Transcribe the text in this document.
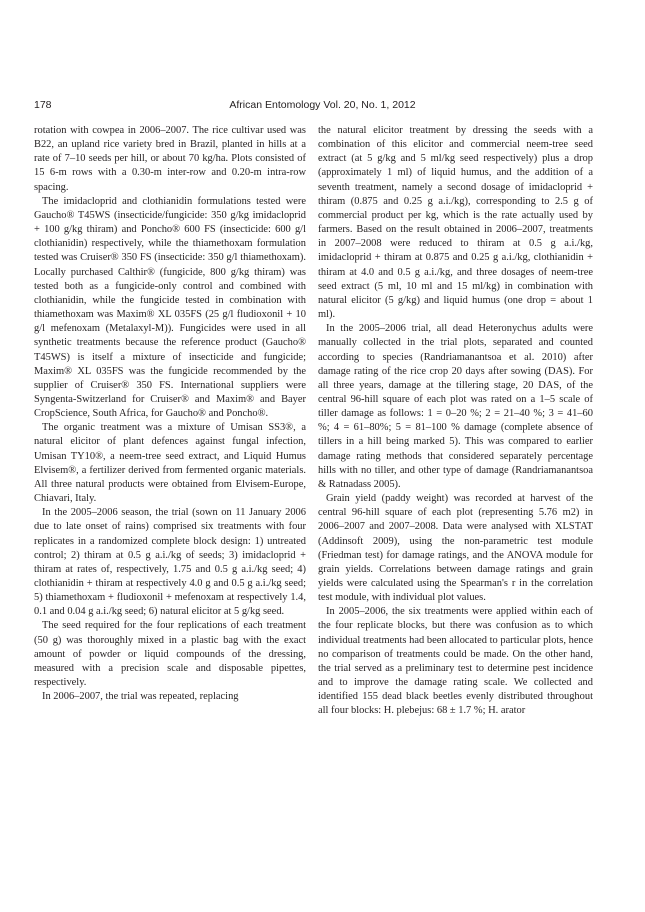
178	African Entomology Vol. 20, No. 1, 2012

rotation with cowpea in 2006–2007. The rice cultivar used was B22, an upland rice variety bred in Brazil, planted in hills at a rate of 7–10 seeds per hill, or about 70 kg/ha. Plots consisted of 15 6-m rows with a 0.30-m inter-row and 0.20-m intra-row spacing.

The imidacloprid and clothianidin formulations tested were Gaucho® T45WS (insecticide/fungicide: 350 g/kg imidacloprid + 100 g/kg thiram) and Poncho® 600 FS (insecticide: 600 g/l clothianidin) respectively, while the thiamethoxam formulation tested was Cruiser® 350 FS (insecticide: 350 g/l thiamethoxam). Locally purchased Calthir® (fungicide, 800 g/kg thiram) was tested both as a fungicide-only control and combined with clothianidin, while the fungicide tested in combination with thiamethoxam was Maxim® XL 035FS (25 g/l fludioxonil + 10 g/l mefenoxam (Metalaxyl-M)). Fungicides were used in all synthetic treatments because the reference product (Gaucho® T45WS) is itself a mixture of insecticide and fungicide; Maxim® XL 035FS was the fungicide recommended by the supplier of Cruiser® 350 FS. International suppliers were Syngenta-Switzerland for Cruiser® and Maxim® and Bayer CropScience, South Africa, for Gaucho® and Poncho®.

The organic treatment was a mixture of Umisan SS3®, a natural elicitor of plant defences against fungal infection, Umisan TY10®, a neem-tree seed extract, and Liquid Humus Elvisem®, a fertilizer derived from fermented organic materials. All three natural products were obtained from Elvisem-Europe, Chiavari, Italy.

In the 2005–2006 season, the trial (sown on 11 January 2006 due to late onset of rains) comprised six treatments with four replicates in a randomized complete block design: 1) untreated control; 2) thiram at 0.5 g a.i./kg of seeds; 3) imidacloprid + thiram at rates of, respectively, 1.75 and 0.5 g a.i./kg seed; 4) clothianidin + thiram at respectively 4.0 g and 0.5 g a.i./kg seed; 5) thiamethoxam + fludioxonil + mefenoxam at respectively 1.4, 0.1 and 0.04 g a.i./kg seed; 6) natural elicitor at 5 g/kg seed.

The seed required for the four replications of each treatment (50 g) was thoroughly mixed in a plastic bag with the exact amount of powder or liquid compounds of the dressing, measured with a precision scale and disposable pipettes, respectively.

In 2006–2007, the trial was repeated, replacing

the natural elicitor treatment by dressing the seeds with a combination of this elicitor and commercial neem-tree seed extract (at 5 g/kg and 5 ml/kg seed respectively) plus a drop (approximately 1 ml) of liquid humus, and the addition of a seventh treatment, namely a second dosage of imidacloprid + thiram (0.875 and 0.25 g a.i./kg), corresponding to 2.5 g of commercial product per kg, which is the rate actually used by farmers. Based on the result obtained in 2006–2007, treatments in 2007–2008 were reduced to thiram at 0.5 g a.i./kg, imidacloprid + thiram at 0.875 and 0.25 g a.i./kg, clothianidin + thiram at 4.0 and 0.5 g a.i./kg, and three dosages of neem-tree seed extract (5 ml, 10 ml and 15 ml/kg) in combination with natural elicitor (5 g/kg) and liquid humus (one drop = about 1 ml).

In the 2005–2006 trial, all dead Heteronychus adults were manually collected in the trial plots, separated and counted according to species (Randriamanantsoa et al. 2010) after damage rating of the rice crop 20 days after sowing (DAS). For all three years, damage at the tillering stage, 20 DAS, of the central 96-hill square of each plot was rated on a 1–5 scale of tiller damage as follows: 1 = 0–20 %; 2 = 21–40 %; 3 = 41–60 %; 4 = 61–80%; 5 = 81–100 % damage (complete absence of tillers in a hill being marked 5). This was compared to earlier damage rating methods that considered separately percentage hills with no tiller, and other type of damage (Randriamanantsoa & Ratnadass 2005).

Grain yield (paddy weight) was recorded at harvest of the central 96-hill square of each plot (representing 5.76 m2) in 2006–2007 and 2007–2008. Data were analysed with XLSTAT (Addinsoft 2009), using the non-parametric test module (Friedman test) for damage ratings, and the ANOVA module for grain yields. Correlations between damage ratings and grain yields were calculated using the Spearman's r in the correlation test module, with individual plot values.

In 2005–2006, the six treatments were applied within each of the four replicate blocks, but there was confusion as to which individual treatments had been allocated to particular plots, hence no comparison of treatments could be made. On the other hand, the trial served as a preliminary test to determine pest incidence and to improve the damage rating scale. We collected and identified 155 dead black beetles evenly distributed throughout all four blocks: H. plebejus: 68 ± 1.7 %; H. arator
